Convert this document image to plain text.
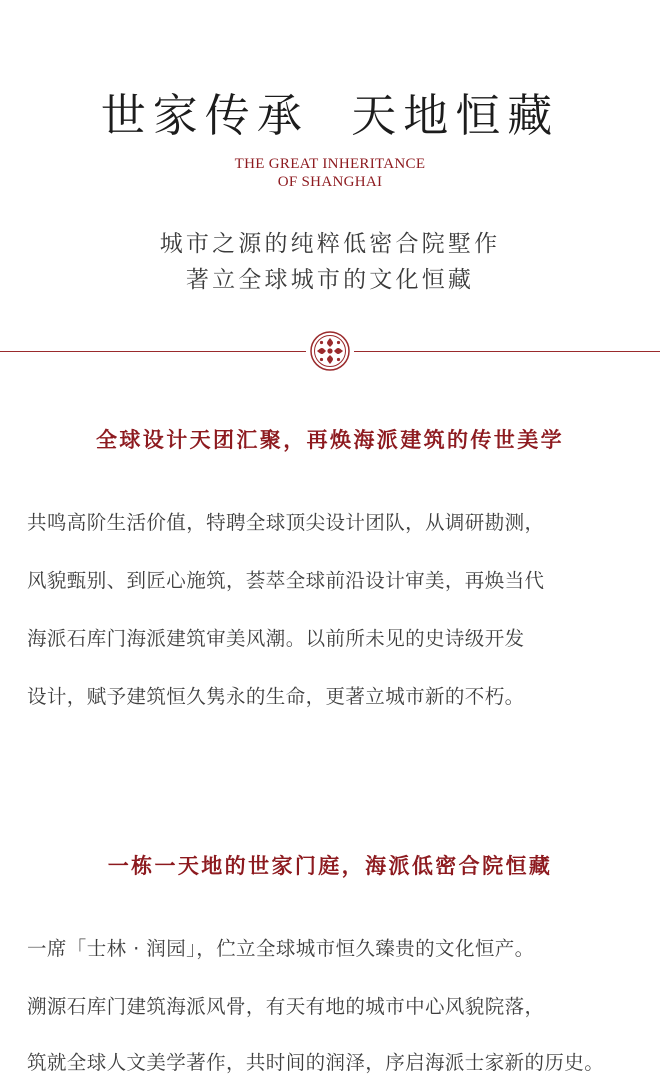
世家传承  天地恒藏
THE GREAT INHERITANCE
OF SHANGHAI
城市之源的纯粹低密合院墅作
著立全球城市的文化恒藏
全球设计天团汇聚，再焕海派建筑的传世美学
共鸣高阶生活价值，特聘全球顶尖设计团队，从调研勘测，
风貌甄别、到匠心施筑，荟萃全球前沿设计审美，再焕当代
海派石库门海派建筑审美风潮。以前所未见的史诗级开发
设计，赋予建筑恒久隽永的生命，更著立城市新的不朽。
一栋一天地的世家门庭，海派低密合院恒藏
一席「士林 · 润园」，伫立全球城市恒久臻贵的文化恒产。
溯源石库门建筑海派风骨，有天有地的城市中心风貌院落，
筑就全球人文美学著作，共时间的润泽，序启海派士家新的历史。
